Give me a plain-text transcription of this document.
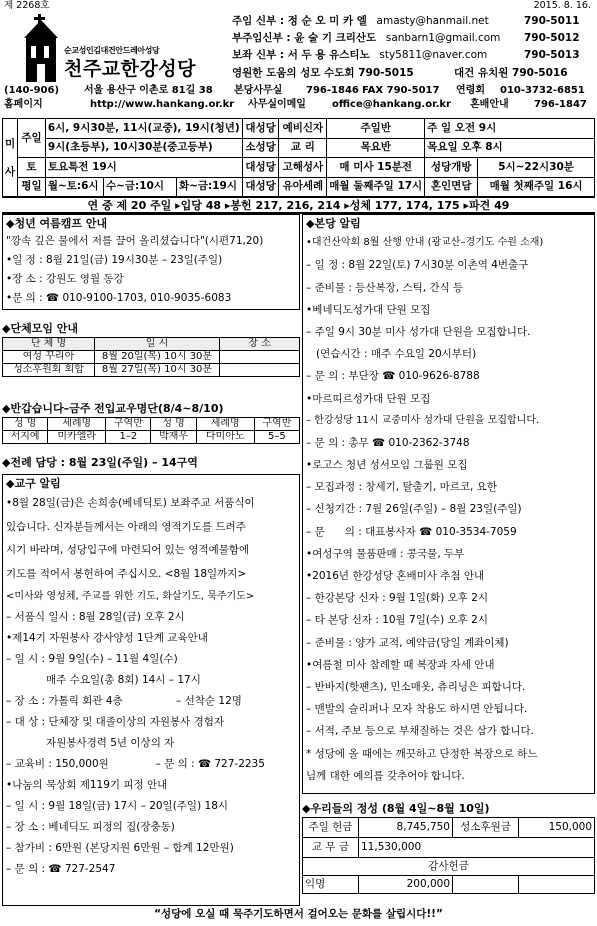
제 2268호	2015. 8. 16.
순교성인김대건안드레아성당
천주교한강성당
주임 신부 : 정 순 오 미 카 엘 amasty@hanmail.net	790-5011
부주임신부 : 윤 술 기 크리산도 sanbarn1@gmail.com 790-5012
보좌 신부 : 서 두 용 유스티노 sty5811@naver.com	790-5013
영원한 도움의 성모 수도회 790-5015	대건 유치원 790-5016
(140-906) 서울 용산구 이촌로 81길 38 본당사무실 796-1846 FAX 790-5017 연령회 010-3732-6851
홈페이지	http://www.hankang.or.kr 사무실이메일	office@hankang.or.kr 혼배안내	796-1847
미 사	주일	6시, 9시30분, 11시(교중), 19시(청년)			대성당	예비신자	주일반	주 일 오전 9시	
		9시(초등부), 10시30분(중고등부)			소성당	교 리	목요반	목요일 오후 8시	
	토	토요특전 19시			대성당	고해성사	매 미사 15분전	성당개방	5시~22시30분
	평일	월~토:6시	수~금:10시	화~금:19시	대성당	유아세례	매월 둘째주일 17시	혼인면담	매월 첫째주일 16시
연 중 제 20 주일 ▸입당 48 ▸봉헌 217, 216, 214 ▸성체 177, 174, 175 ▸파견 49
◆청년 여름캠프 안내
"깡속 깊은 물에서 저를 끌어 올리셨습니다"(시편71,20)
•일 정 : 8월 21일(금) 19시30분 – 23일(주일)
•장 소 : 강원도 영월 동강
•문 의 : ☎ 010-9100-1703, 010-9035-6083
◆단체모임 안내
단 체 명	일 시	장 소
여성 꾸리아	8월 20일(목) 10시 30분	
성소후원회 회합	8월 27일(목) 10시 30분	
◆반갑습니다–금주 전입교우명단(8/4~8/10)
성 명	세례명	구역반	성 명	세례명	구역반
서지예	미카엘라	1–2	박재우	다미아노	5–5
◆전례 담당 : 8월 23일(주일) – 14구역
◆교구 알림
•8월 28일(금)은 손희송(베네딕토) 보좌주교 서품식이
있습니다. 신자분들께서는 아래의 영적기도를 드려주
시기 바라며, 성당입구에 마련되어 있는 영적예물함에
기도를 적어서 봉헌하여 주십시오. <8월 18일까지>
<미사와 영성체, 주교를 위한 기도, 화살기도, 묵주기도>
– 서품식 일시 : 8월 28일(금) 오후 2시
•제14기 자원봉사 강사양성 1단계 교육안내
– 일 시 : 9월 9일(수) – 11월 4일(수)
매주 수요일(총 8회) 14시 – 17시
– 장 소 : 가톨릭 회관 4층                – 선착순 12명
– 대 상 : 단체장 및 대졸이상의 자원봉사 경험자
자원봉사경력 5년 이상의 자
– 교육비 : 150,000원              – 문 의 : ☎ 727-2235
•나눔의 묵상회 제119기 피정 안내
– 일 시 : 9월 18일(금) 17시 – 20일(주일) 18시
– 장 소 : 베네딕도 피정의 집(장충동)
– 참가비 : 6만원 (본당지원 6만원 – 합계 12만원)
– 문 의 : ☎ 727-2547
◆본당 알림
•대건산악회 8월 산행 안내 (광교산–경기도 수원 소재)
– 일 정 : 8월 22일(토) 7시30분 이촌역 4번출구
– 준비물 : 등산복장, 스틱, 간식 등
•베네딕도성가대 단원 모집
– 주일 9시 30분 미사 성가대 단원을 모집합니다.
(연습시간 : 매주 수요일 20시부터)
– 문 의 : 부단장 ☎ 010-9626-8788
•마르띠르성가대 단원 모집
– 한강성당 11시 교중미사 성가대 단원을 모집합니다.
– 문 의 : 총무 ☎ 010-2362-3748
•로고스 청년 성서모임 그룹원 모집
– 모집과정 : 창세기, 탈출기, 마르코, 요한
– 신청기간 : 7월 26일(주일) – 8월 23일(주일)
– 문      의 : 대표봉사자 ☎ 010-3534-7059
•여성구역 물품판매 : 콩국물, 두부
•2016년 한강성당 혼배미사 추첨 안내
– 한강본당 신자 : 9월 1일(화) 오후 2시
– 타 본당 신자 : 10월 7일(수) 오후 2시
– 준비물 : 양가 교적, 예약금(당일 계좌이체)
•여름철 미사 참례할 때 복장과 자세 안내
– 반바지(핫팬츠), 민소매옷, 츄리닝은 피합니다.
– 맨발의 슬리퍼나 모자 착용도 하시면 안됩니다.
– 서적, 주보 등으로 부채질하는 것은 삼가 합니다.
* 성당에 올 때에는 깨끗하고 단정한 복장으로 하느
님께 대한 예의를 갖추어야 합니다.
◆우리들의 정성 (8월 4일~8월 10일)
주일 헌금	8,745,750	성소후원금	150,000
교 무 금	11,530,000		
감사헌금			
익명	200,000		
“성당에 오실 때 묵주기도하면서 걸어오는 문화를 살립시다!!”
